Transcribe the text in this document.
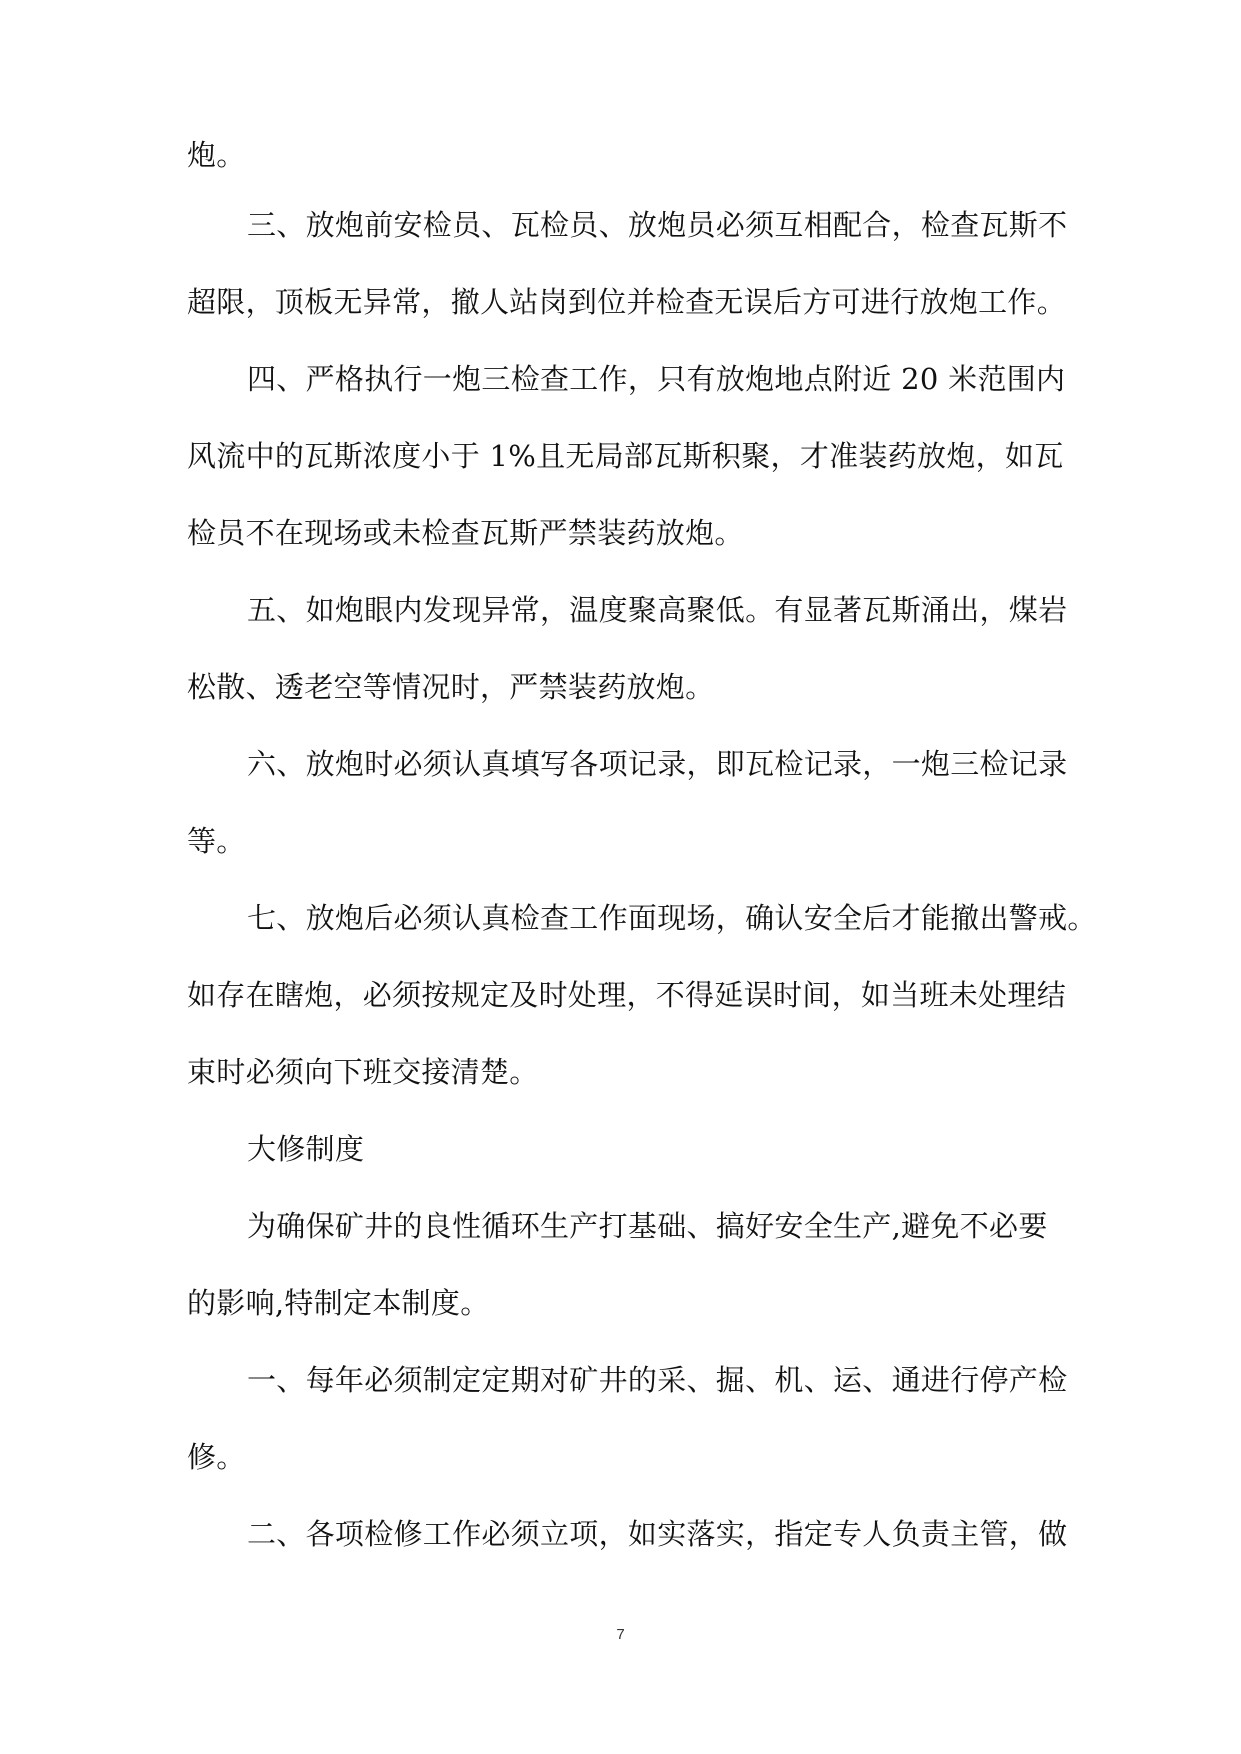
炮。
三、放炮前安检员、瓦检员、放炮员必须互相配合，检查瓦斯不
超限，顶板无异常，撤人站岗到位并检查无误后方可进行放炮工作。
四、严格执行一炮三检查工作，只有放炮地点附近 20 米范围内
风流中的瓦斯浓度小于 1%且无局部瓦斯积聚，才准装药放炮，如瓦
检员不在现场或未检查瓦斯严禁装药放炮。
五、如炮眼内发现异常，温度聚高聚低。有显著瓦斯涌出，煤岩
松散、透老空等情况时，严禁装药放炮。
六、放炮时必须认真填写各项记录，即瓦检记录，一炮三检记录
等。
七、放炮后必须认真检查工作面现场，确认安全后才能撤出警戒。
如存在瞎炮，必须按规定及时处理，不得延误时间，如当班未处理结
束时必须向下班交接清楚。
大修制度
为确保矿井的良性循环生产打基础、搞好安全生产,避免不必要
的影响,特制定本制度。
一、每年必须制定定期对矿井的采、掘、机、运、通进行停产检
修。
二、各项检修工作必须立项，如实落实，指定专人负责主管，做
7
